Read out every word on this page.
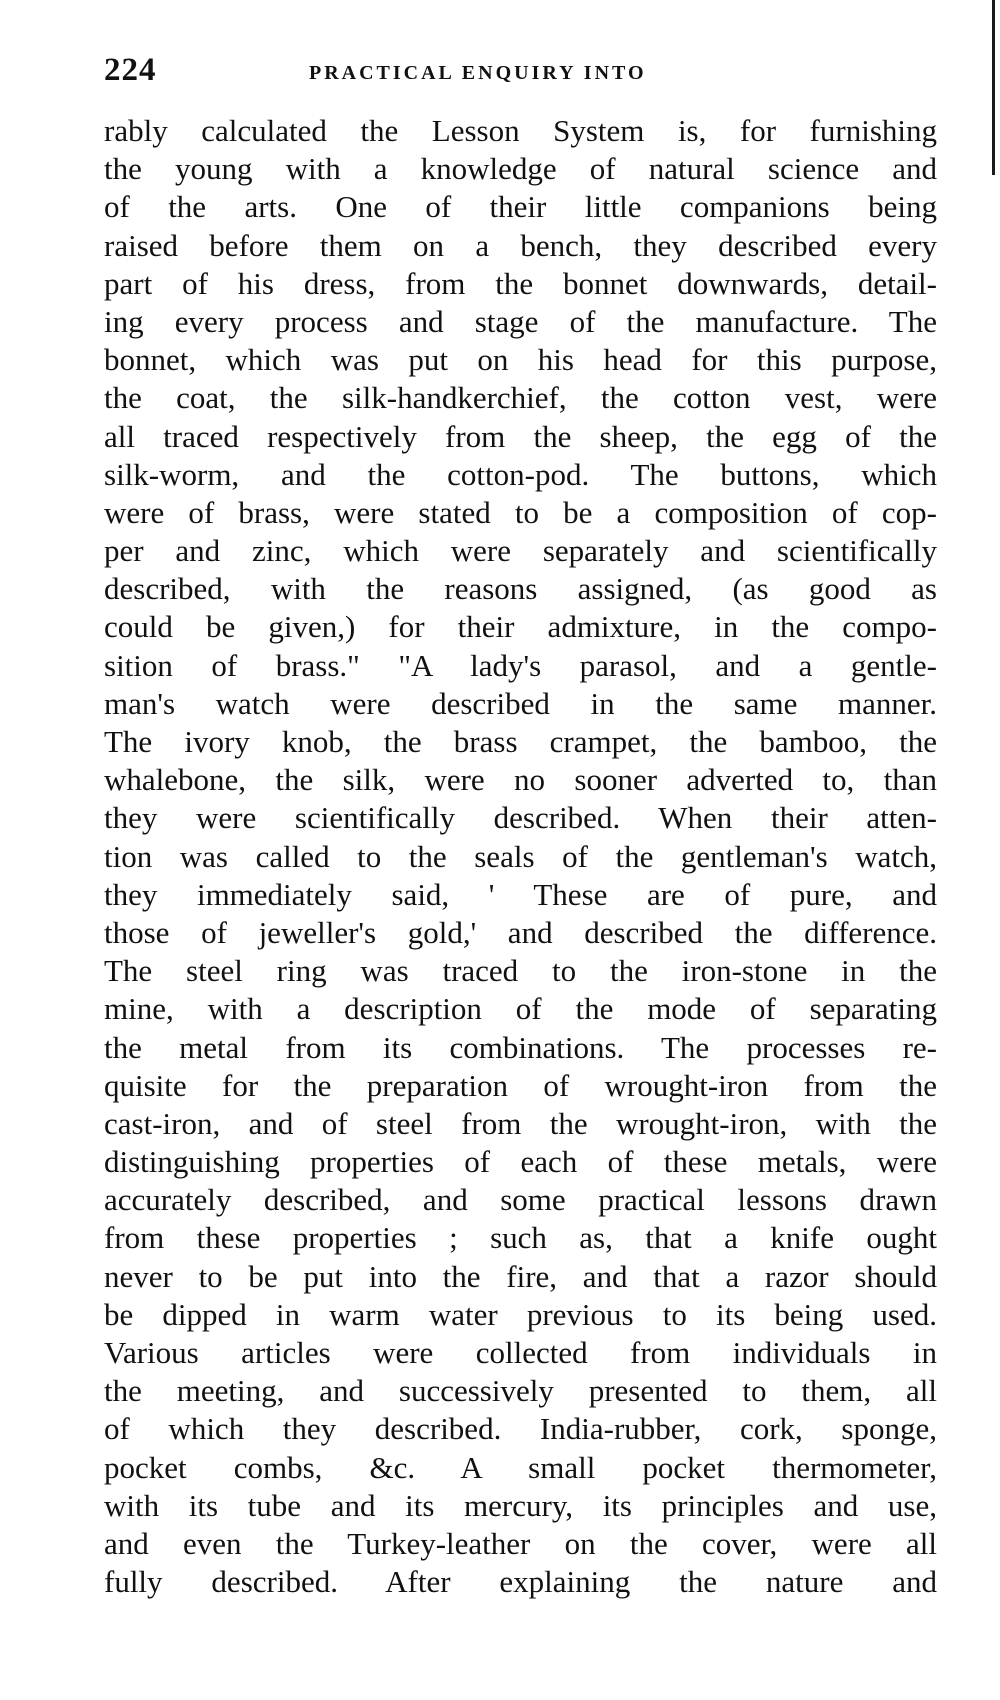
224	PRACTICAL ENQUIRY INTO
rably calculated the Lesson System is, for furnishing
the young with a knowledge of natural science and
of the arts. One of their little companions being
raised before them on a bench, they described every
part of his dress, from the bonnet downwards, detail-
ing every process and stage of the manufacture. The
bonnet, which was put on his head for this purpose,
the coat, the silk-handkerchief, the cotton vest, were
all traced respectively from the sheep, the egg of the
silk-worm, and the cotton-pod. The buttons, which
were of brass, were stated to be a composition of cop-
per and zinc, which were separately and scientifically
described, with the reasons assigned, (as good as
could be given,) for their admixture, in the compo-
sition of brass." "A lady's parasol, and a gentle-
man's watch were described in the same manner.
The ivory knob, the brass crampet, the bamboo, the
whalebone, the silk, were no sooner adverted to, than
they were scientifically described. When their atten-
tion was called to the seals of the gentleman's watch,
they immediately said, ' These are of pure, and
those of jeweller's gold,' and described the difference.
The steel ring was traced to the iron-stone in the
mine, with a description of the mode of separating
the metal from its combinations. The processes re-
quisite for the preparation of wrought-iron from the
cast-iron, and of steel from the wrought-iron, with the
distinguishing properties of each of these metals, were
accurately described, and some practical lessons drawn
from these properties ; such as, that a knife ought
never to be put into the fire, and that a razor should
be dipped in warm water previous to its being used.
Various articles were collected from individuals in
the meeting, and successively presented to them, all
of which they described. India-rubber, cork, sponge,
pocket combs, &c. A small pocket thermometer,
with its tube and its mercury, its principles and use,
and even the Turkey-leather on the cover, were all
fully described. After explaining the nature and
